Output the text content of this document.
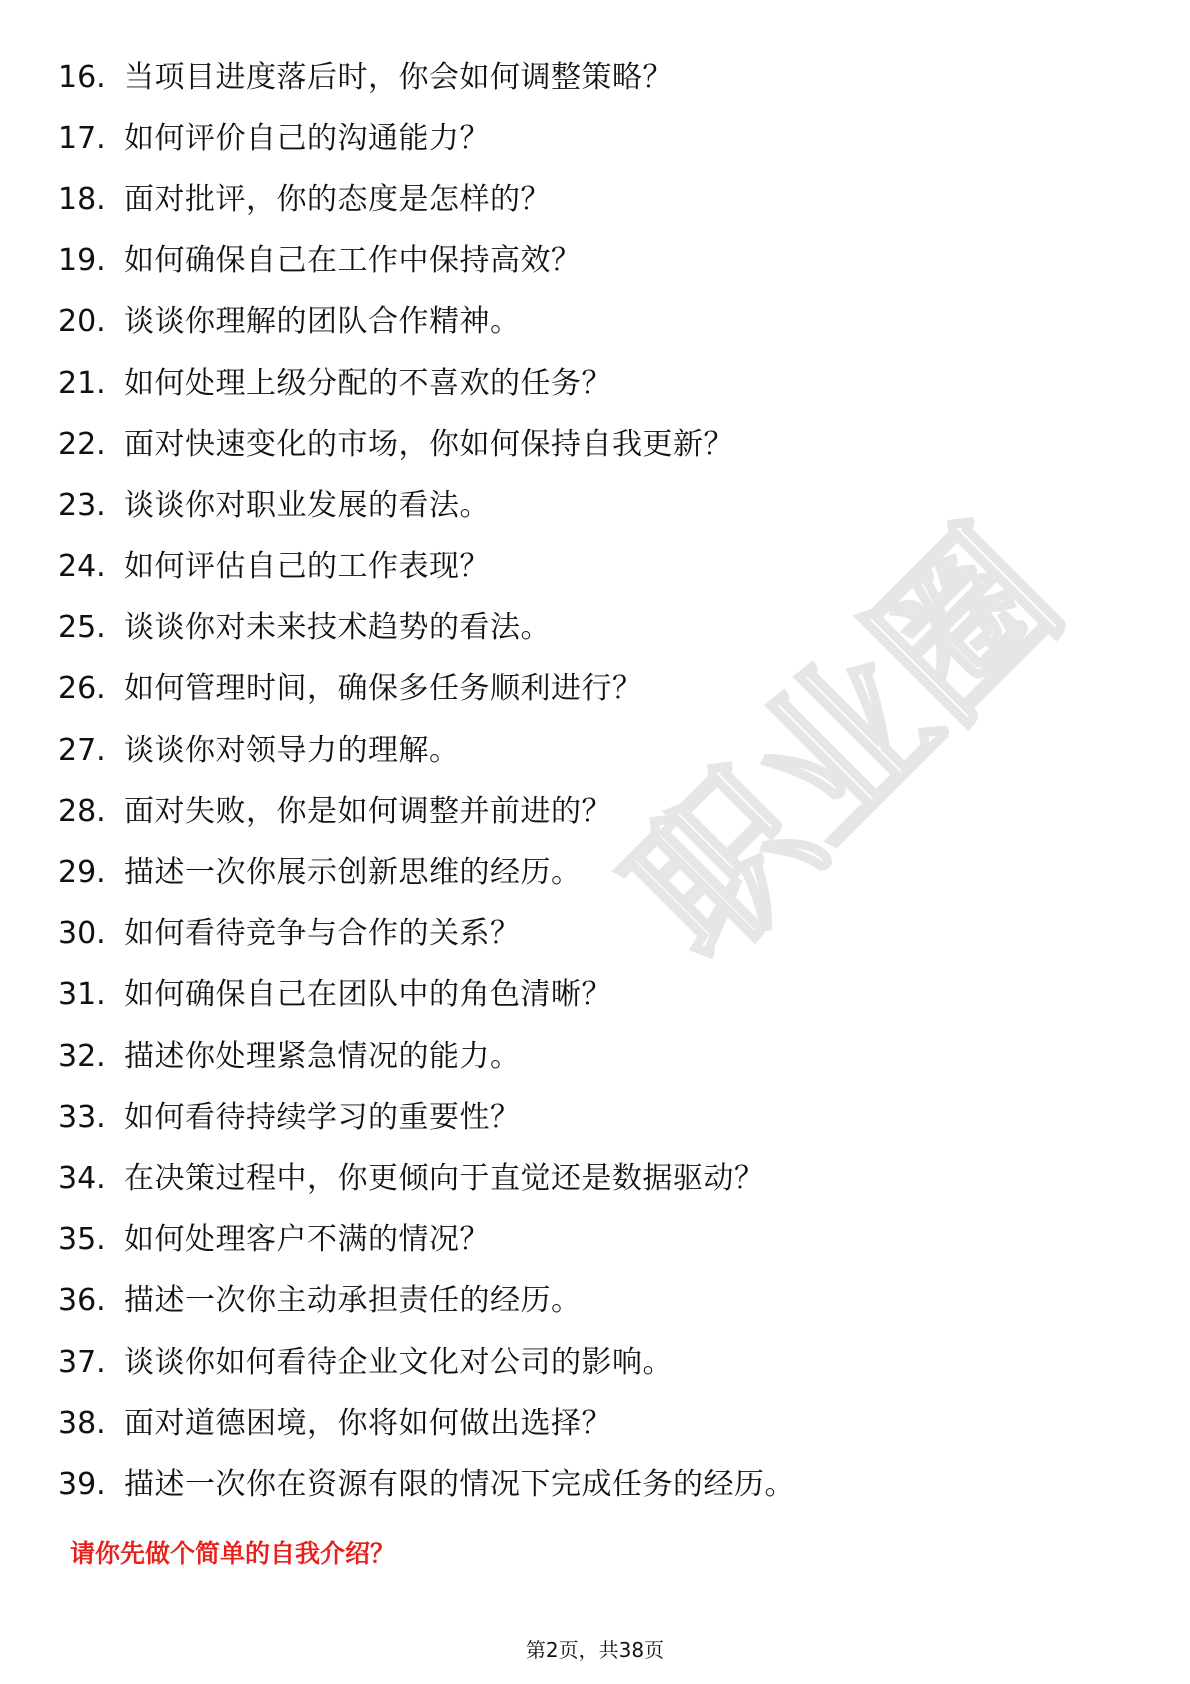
职业圈
16. 当项目进度落后时，你会如何调整策略？
17. 如何评价自己的沟通能力？
18. 面对批评，你的态度是怎样的？
19. 如何确保自己在工作中保持高效？
20. 谈谈你理解的团队合作精神。
21. 如何处理上级分配的不喜欢的任务？
22. 面对快速变化的市场，你如何保持自我更新？
23. 谈谈你对职业发展的看法。
24. 如何评估自己的工作表现？
25. 谈谈你对未来技术趋势的看法。
26. 如何管理时间，确保多任务顺利进行？
27. 谈谈你对领导力的理解。
28. 面对失败，你是如何调整并前进的？
29. 描述一次你展示创新思维的经历。
30. 如何看待竞争与合作的关系？
31. 如何确保自己在团队中的角色清晰？
32. 描述你处理紧急情况的能力。
33. 如何看待持续学习的重要性？
34. 在决策过程中，你更倾向于直觉还是数据驱动？
35. 如何处理客户不满的情况？
36. 描述一次你主动承担责任的经历。
37. 谈谈你如何看待企业文化对公司的影响。
38. 面对道德困境，你将如何做出选择？
39. 描述一次你在资源有限的情况下完成任务的经历。
请你先做个简单的自我介绍？
第2页，共38页
